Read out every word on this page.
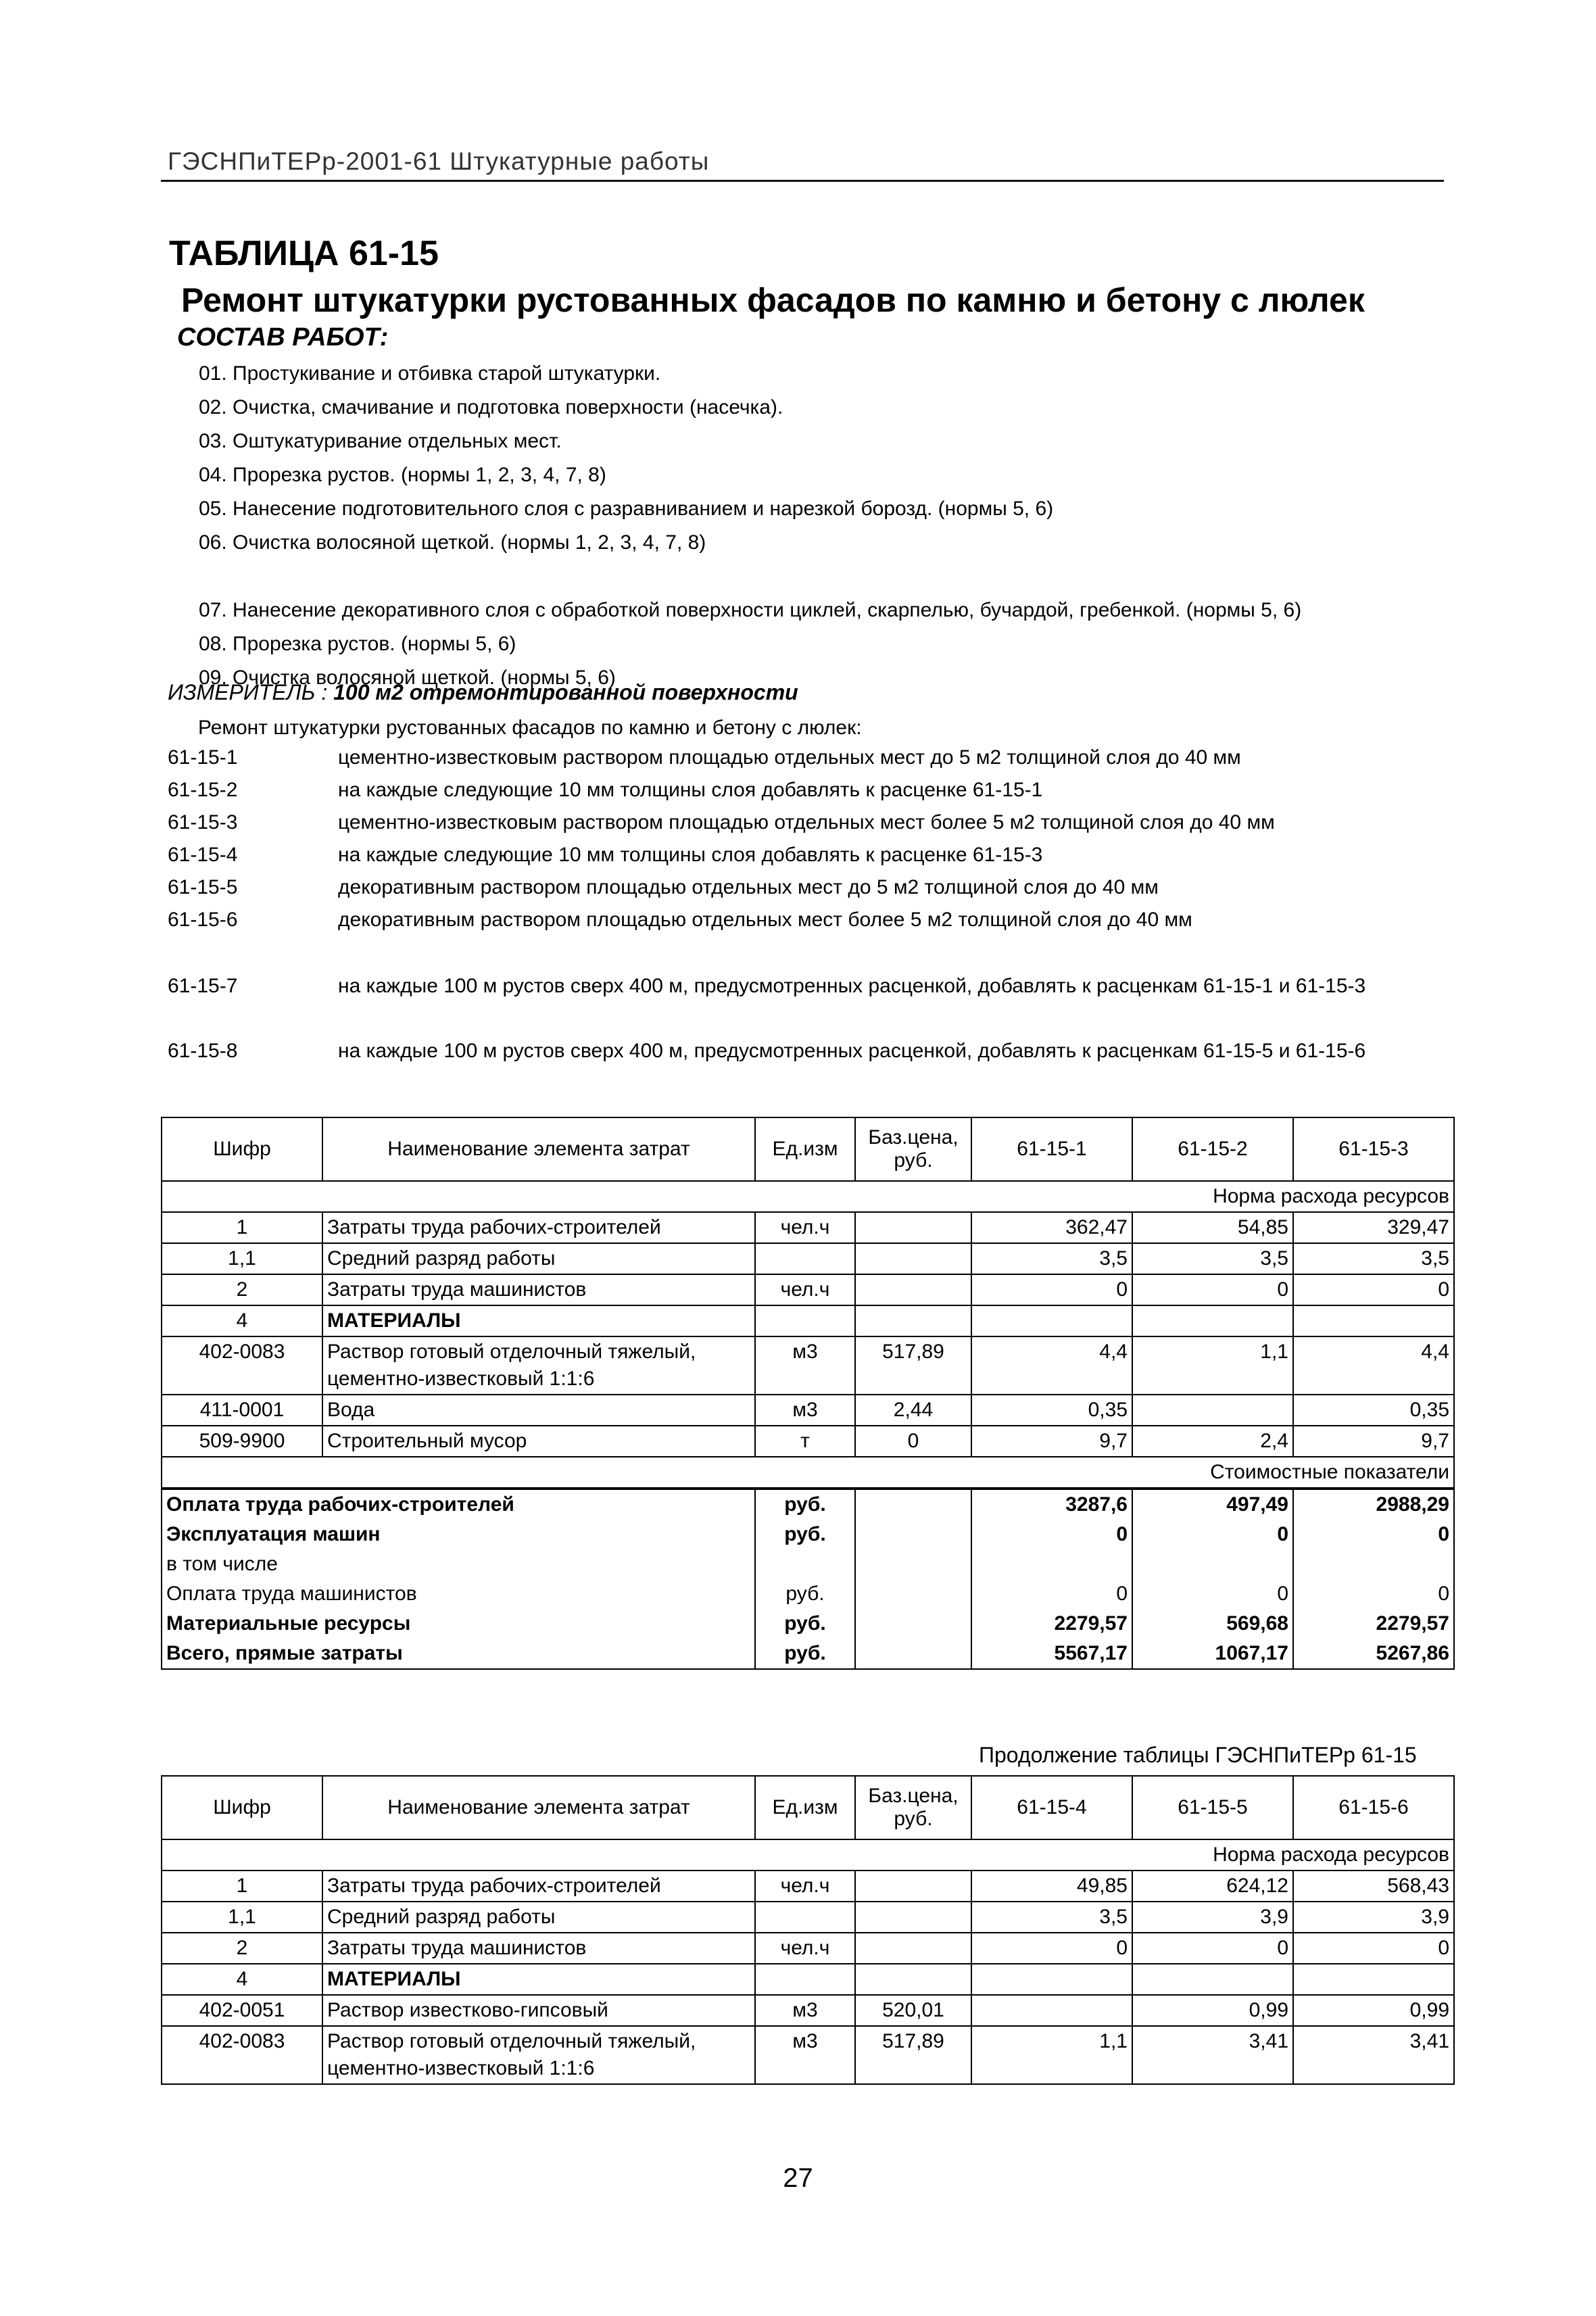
ГЭСНПиТЕРр-2001-61 Штукатурные работы
ТАБЛИЦА 61-15
Ремонт штукатурки рустованных фасадов по камню и бетону с люлек
СОСТАВ РАБОТ:
01. Простукивание и отбивка старой штукатурки.
02. Очистка, смачивание и подготовка поверхности (насечка).
03. Оштукатуривание отдельных мест.
04. Прорезка рустов. (нормы 1, 2, 3, 4, 7, 8)
05. Нанесение подготовительного слоя с разравниванием и нарезкой борозд. (нормы 5, 6)
06. Очистка волосяной щеткой. (нормы 1, 2, 3, 4, 7, 8)
07. Нанесение декоративного слоя с обработкой поверхности циклей, скарпелью, бучардой, гребенкой. (нормы 5, 6)
08. Прорезка рустов. (нормы 5, 6)
09. Очистка волосяной щеткой. (нормы 5, 6)
ИЗМЕРИТЕЛЬ : 100 м2 отремонтированной поверхности
Ремонт штукатурки рустованных фасадов по камню и бетону с люлек:
61-15-1	цементно-известковым раствором площадью отдельных мест до 5 м2 толщиной слоя до 40 мм
61-15-2	на каждые следующие 10 мм толщины слоя добавлять к расценке 61-15-1
61-15-3	цементно-известковым раствором площадью отдельных мест более 5 м2 толщиной слоя до 40 мм
61-15-4	на каждые следующие 10 мм толщины слоя добавлять к расценке 61-15-3
61-15-5	декоративным раствором площадью отдельных мест до 5 м2 толщиной слоя до 40 мм
61-15-6	декоративным раствором площадью отдельных мест более 5 м2 толщиной слоя до 40 мм
61-15-7	на каждые 100 м рустов сверх 400 м, предусмотренных расценкой, добавлять к расценкам 61-15-1 и 61-15-3
61-15-8	на каждые 100 м рустов сверх 400 м, предусмотренных расценкой, добавлять к расценкам 61-15-5 и 61-15-6
Шифр	Наименование элемента затрат	Ед.изм	Баз.цена, руб.	61-15-1	61-15-2	61-15-3
Норма расхода ресурсов						
1	Затраты труда рабочих-строителей	чел.ч		362,47	54,85	329,47
1,1	Средний разряд работы			3,5	3,5	3,5
2	Затраты труда машинистов	чел.ч		0	0	0
4	МАТЕРИАЛЫ					
402-0083	Раствор готовый отделочный тяжелый, цементно-известковый 1:1:6	м3	517,89	4,4	1,1	4,4
411-0001	Вода	м3	2,44	0,35		0,35
509-9900	Строительный мусор	т	0	9,7	2,4	9,7
Стоимостные показатели						
Оплата труда рабочих-строителей		руб.		3287,6	497,49	2988,29
Эксплуатация машин		руб.		0	0	0
в том числе						
Оплата труда машинистов		руб.		0	0	0
Материальные ресурсы		руб.		2279,57	569,68	2279,57
Всего, прямые затраты		руб.		5567,17	1067,17	5267,86
Продолжение таблицы ГЭСНПиТЕРр 61-15
Шифр	Наименование элемента затрат	Ед.изм	Баз.цена, руб.	61-15-4	61-15-5	61-15-6
Норма расхода ресурсов						
1	Затраты труда рабочих-строителей	чел.ч		49,85	624,12	568,43
1,1	Средний разряд работы			3,5	3,9	3,9
2	Затраты труда машинистов	чел.ч		0	0	0
4	МАТЕРИАЛЫ					
402-0051	Раствор известково-гипсовый	м3	520,01		0,99	0,99
402-0083	Раствор готовый отделочный тяжелый, цементно-известковый 1:1:6	м3	517,89	1,1	3,41	3,41
27
